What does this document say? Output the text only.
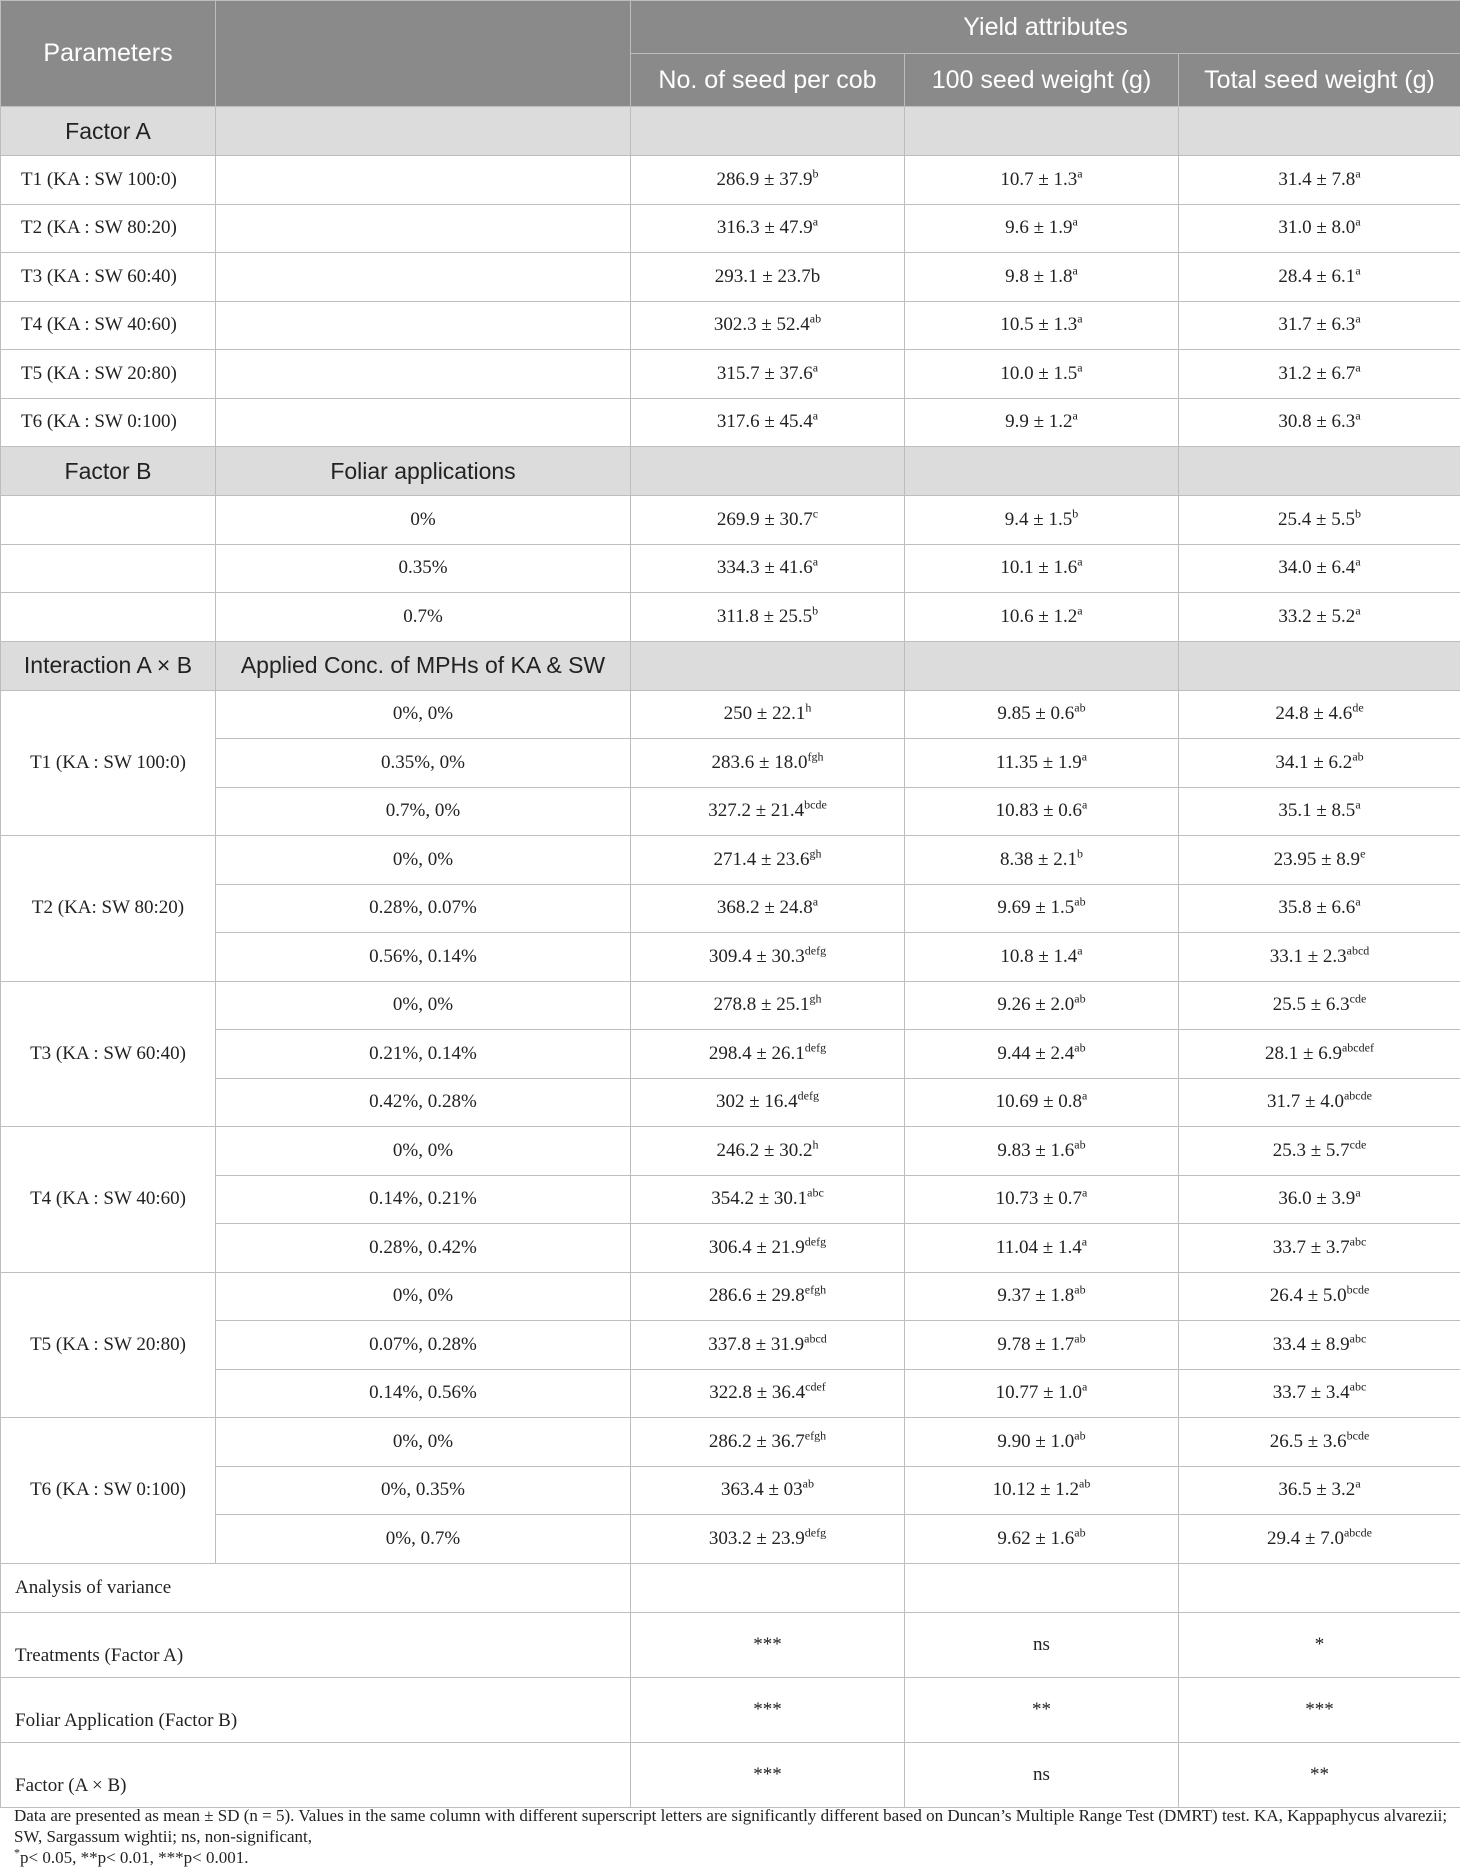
Parameters		Yield attributes		
		No. of seed per cob	100 seed weight (g)	Total seed weight (g)
Factor A				
T1 (KA : SW 100:0)		286.9 ± 37.9$^b$	10.7 ± 1.3$^a$	31.4 ± 7.8$^a$
T2 (KA : SW 80:20)		316.3 ± 47.9$^a$	9.6 ± 1.9$^a$	31.0 ± 8.0$^a$
T3 (KA : SW 60:40)		293.1 ± 23.7b	9.8 ± 1.8$^a$	28.4 ± 6.1$^a$
T4 (KA : SW 40:60)		302.3 ± 52.4$^{ab}$	10.5 ± 1.3$^a$	31.7 ± 6.3$^a$
T5 (KA : SW 20:80)		315.7 ± 37.6$^a$	10.0 ± 1.5$^a$	31.2 ± 6.7$^a$
T6 (KA : SW 0:100)		317.6 ± 45.4$^a$	9.9 ± 1.2$^a$	30.8 ± 6.3$^a$
Factor B	Foliar applications			
	0%	269.9 ± 30.7$^c$	9.4 ± 1.5$^b$	25.4 ± 5.5$^b$
	0.35%	334.3 ± 41.6$^a$	10.1 ± 1.6$^a$	34.0 ± 6.4$^a$
	0.7%	311.8 ± 25.5$^b$	10.6 ± 1.2$^a$	33.2 ± 5.2$^a$
Interaction A × B	Applied Conc. of MPHs of KA & SW			
T1 (KA : SW 100:0)	0%, 0%	250 ± 22.1$^h$	9.85 ± 0.6$^{ab}$	24.8 ± 4.6de
	0.35%, 0%	283.6 ± 18.0$^{fgh}$	11.35 ± 1.9$^a$	34.1 ± 6.2$^{ab}$
	0.7%, 0%	$327.2 \pm 21.4^{bcde}$	10.83 ± 0.6$^a$	35.1 ± 8.5$^a$
T2 (KA: SW 80:20)	0%, 0%	271.4 ± 23.6$^{gh}$	8.38 ± 2.1$^b$	23.95 ± 8.9$^e$
	0.28%, 0.07%	368.2 ± 24.8$^a$	9.69 ± 1.5$^{ab}$	35.8 ± 6.6$^a$
	0.56%, 0.14%	$309.4 \pm 30.3^{defg}$	10.8 ± 1.4$^a$	$33.1 \pm 2.3^{abcd}$
T3 (KA : SW 60:40)	0%, 0%	278.8 ± 25.1$^{gh}$	9.26 ± 2.0$^{ab}$	25.5 ± 6.3$^{cde}$
	0.21%, 0.14%	$298.4 \pm 26.1^{defg}$	9.44 ± 2.4$^{ab}$	$28.1 \pm 6.9^{abcdef}$
	0.42%, 0.28%	$302 \pm 16.4^{defg}$	10.69 ± 0.8$^a$	$31.7 \pm 4.0^{abcde}$
T4 (KA : SW 40:60)	0%, 0%	246.2 ± 30.2$^h$	9.83 ± 1.6$^{ab}$	25.3 ± 5.7$^{cde}$
	0.14%, 0.21%	354.2 ± 30.1$^{abc}$	10.73 ± 0.7$^a$	36.0 ± 3.9$^a$
	0.28%, 0.42%	$306.4 \pm 21.9^{defg}$	11.04 ± 1.4$^a$	33.7 ± 3.7$^{abc}$
T5 (KA : SW 20:80)	0%, 0%	$286.6 \pm 29.8^{efgh}$	9.37 ± 1.8$^{ab}$	$26.4 \pm 5.0^{bcde}$
	0.07%, 0.28%	$337.8 \pm 31.9^{abcd}$	9.78 ± 1.7$^{ab}$	33.4 ± 8.9$^{abc}$
	0.14%, 0.56%	$322.8 \pm 36.4^{cdef}$	10.77 ± 1.0$^a$	33.7 ± 3.4$^{abc}$
T6 (KA : SW 0:100)	0%, 0%	$286.2 \pm 36.7^{efgh}$	9.90 ± 1.0$^{ab}$	$26.5 \pm 3.6^{bcde}$
	0%, 0.35%	$363.4 \pm 03^{ab}$	10.12 ± 1.2$^{ab}$	36.5 ± 3.2$^a$
	0%, 0.7%	$303.2 \pm 23.9^{defg}$	9.62 ± 1.6$^{ab}$	$29.4 \pm 7.0^{abcde}$
Analysis of variance				
Treatments (Factor A)		***	ns	*
Foliar Application (Factor B)		***	**	***
Factor (A × B)		***	ns	**

Data are presented as mean ± SD (n = 5). Values in the same column with different superscript letters are significantly different based on Duncan’s Multiple Range Test (DMRT) test. KA, Kappaphycus alvarezii; SW, Sargassum wightii; ns, non-significant,

*p< 0.05, **p< 0.01, ***p< 0.001.
